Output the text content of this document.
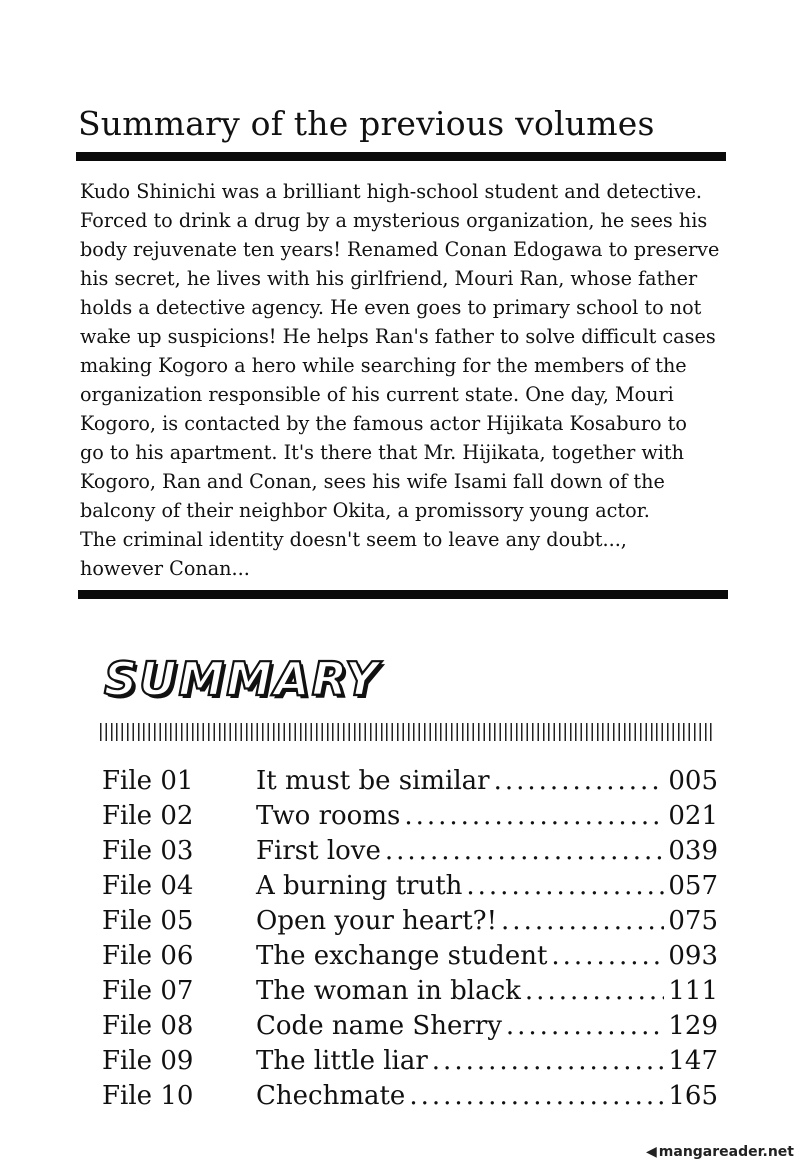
Summary of the previous volumes
Kudo Shinichi was a brilliant high-school student and detective.
Forced to drink a drug by a mysterious organization, he sees his
body rejuvenate ten years! Renamed Conan Edogawa to preserve
his secret, he lives with his girlfriend, Mouri Ran, whose father
holds a detective agency. He even goes to primary school to not
wake up suspicions! He helps Ran's father to solve difficult cases
making Kogoro a hero while searching for the members of the
organization responsible of his current state. One day, Mouri
Kogoro, is contacted by the famous actor Hijikata Kosaburo to
go to his apartment. It's there that Mr. Hijikata, together with
Kogoro, Ran and Conan, sees his wife Isami fall down of the
balcony of their neighbor Okita, a promissory young actor.
The criminal identity doesn't seem to leave any doubt...,
however Conan...
SUMMARY
File 01 It must be similar .....	005
File 02 Two rooms .....	021
File 03 First love .....	039
File 04 A burning truth .....	057
File 05 Open your heart?! .....	075
File 06 The exchange student .....	093
File 07 The woman in black .....	111
File 08 Code name Sherry .....	129
File 09 The little liar .....	147
File 10 Chechmate .....	165
◀ mangareader.net
